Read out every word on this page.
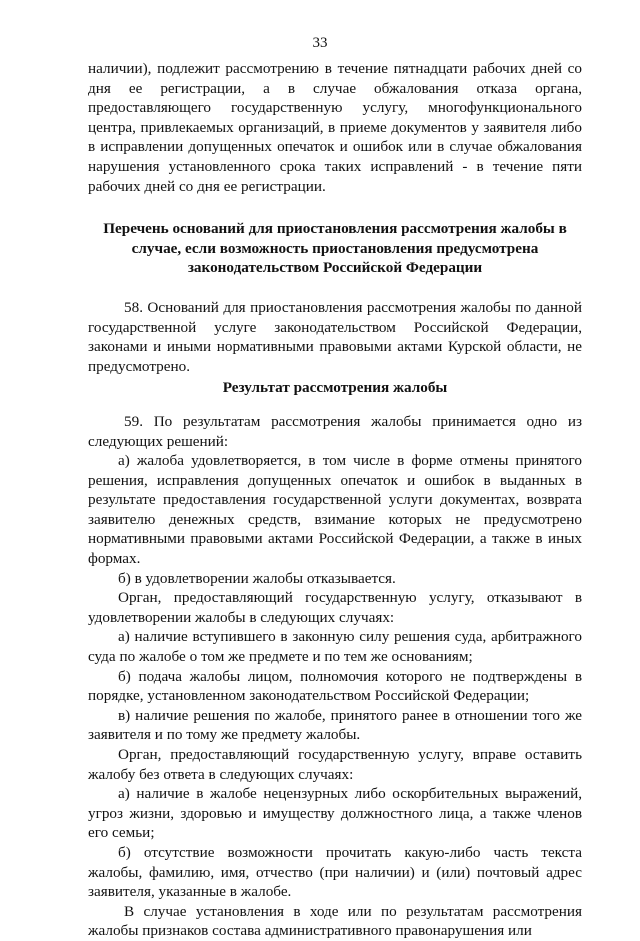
33

наличии), подлежит рассмотрению в течение пятнадцати рабочих дней со дня ее регистрации, а в случае обжалования отказа органа, предоставляющего государственную услугу, многофункционального центра, привлекаемых организаций, в приеме документов у заявителя либо в исправлении допущенных опечаток и ошибок или в случае обжалования нарушения установленного срока таких исправлений - в течение пяти рабочих дней со дня ее регистрации.

Перечень оснований для приостановления рассмотрения жалобы в случае, если возможность приостановления предусмотрена законодательством Российской Федерации

58. Оснований для приостановления рассмотрения жалобы по данной государственной услуге законодательством Российской Федерации, законами и иными нормативными правовыми актами Курской области, не предусмотрено.

Результат рассмотрения жалобы

59. По результатам рассмотрения жалобы принимается одно из следующих решений:

а) жалоба удовлетворяется, в том числе в форме отмены принятого решения, исправления допущенных опечаток и ошибок в выданных в результате предоставления государственной услуги документах, возврата заявителю денежных средств, взимание которых не предусмотрено нормативными правовыми актами Российской Федерации, а также в иных формах.

б) в удовлетворении жалобы отказывается.

Орган, предоставляющий государственную услугу, отказывают в удовлетворении жалобы в следующих случаях:

а) наличие вступившего в законную силу решения суда, арбитражного суда по жалобе о том же предмете и по тем же основаниям;

б) подача жалобы лицом, полномочия которого не подтверждены в порядке, установленном законодательством Российской Федерации;

в) наличие решения по жалобе, принятого ранее в отношении того же заявителя и по тому же предмету жалобы.

Орган, предоставляющий государственную услугу, вправе оставить жалобу без ответа в следующих случаях:

а) наличие в жалобе нецензурных либо оскорбительных выражений, угроз жизни, здоровью и имуществу должностного лица, а также членов его семьи;

б) отсутствие возможности прочитать какую-либо часть текста жалобы, фамилию, имя, отчество (при наличии) и (или) почтовый адрес заявителя, указанные в жалобе.

В случае установления в ходе или по результатам рассмотрения жалобы признаков состава административного правонарушения или
